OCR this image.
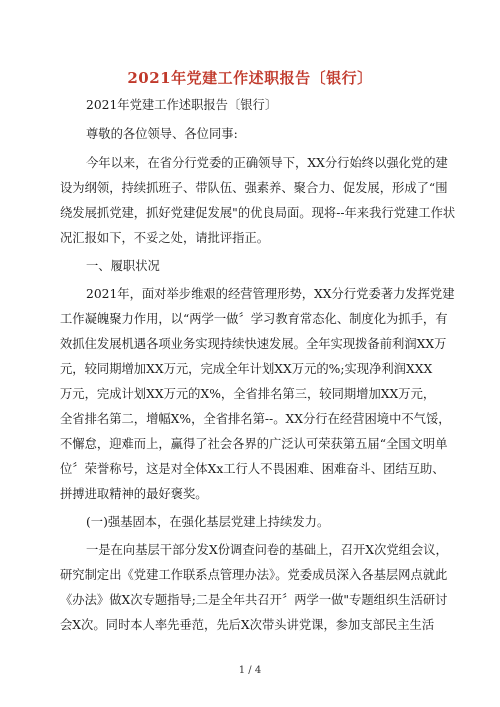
2021年党建工作述职报告〔银行〕
2021年党建工作述职报告〔银行〕
尊敬的各位领导、各位同事:
今年以来，在省分行党委的正确领导下，XX分行始终以强化党的建
设为纲领，持续抓班子、带队伍、强素养、聚合力、促发展，形成了“围
绕发展抓党建，抓好党建促发展"的优良局面。现将--年来我行党建工作状
况汇报如下，不妥之处，请批评指正。
一、履职状况
2021年，面对举步维艰的经营管理形势，XX分行党委著力发挥党建
工作凝魄聚力作用，以“两学一做〞学习教育常态化、制度化为抓手，有
效抓住发展机遇各项业务实现持续快速发展。全年实现拨备前利润XX万
元，较同期增加XX万元，完成全年计划XX万元的%;实现净利润XXX
万元，完成计划XX万元的X%，全省排名第三，较同期增加XX万元，
全省排名第二，增幅X%，全省排名第--。XX分行在经营困境中不气馁，
不懈怠，迎难而上，赢得了社会各界的广泛认可荣获第五届“全国文明单
位〞荣誉称号，这是对全体Xx工行人不畏困难、困难奋斗、团结互助、
拼搏进取精神的最好褒奖。
(一)强基固本，在强化基层党建上持续发力。
一是在向基层干部分发X份调查问卷的基础上，召开X次党组会议，
研究制定出《党建工作联系点管理办法》。党委成员深入各基层网点就此
《办法》做X次专题指导;二是全年共召开〞两学一做"专题组织生活研讨
会X次。同时本人率先垂范，先后X次带头讲党课，参加支部民主生活
1 / 4
